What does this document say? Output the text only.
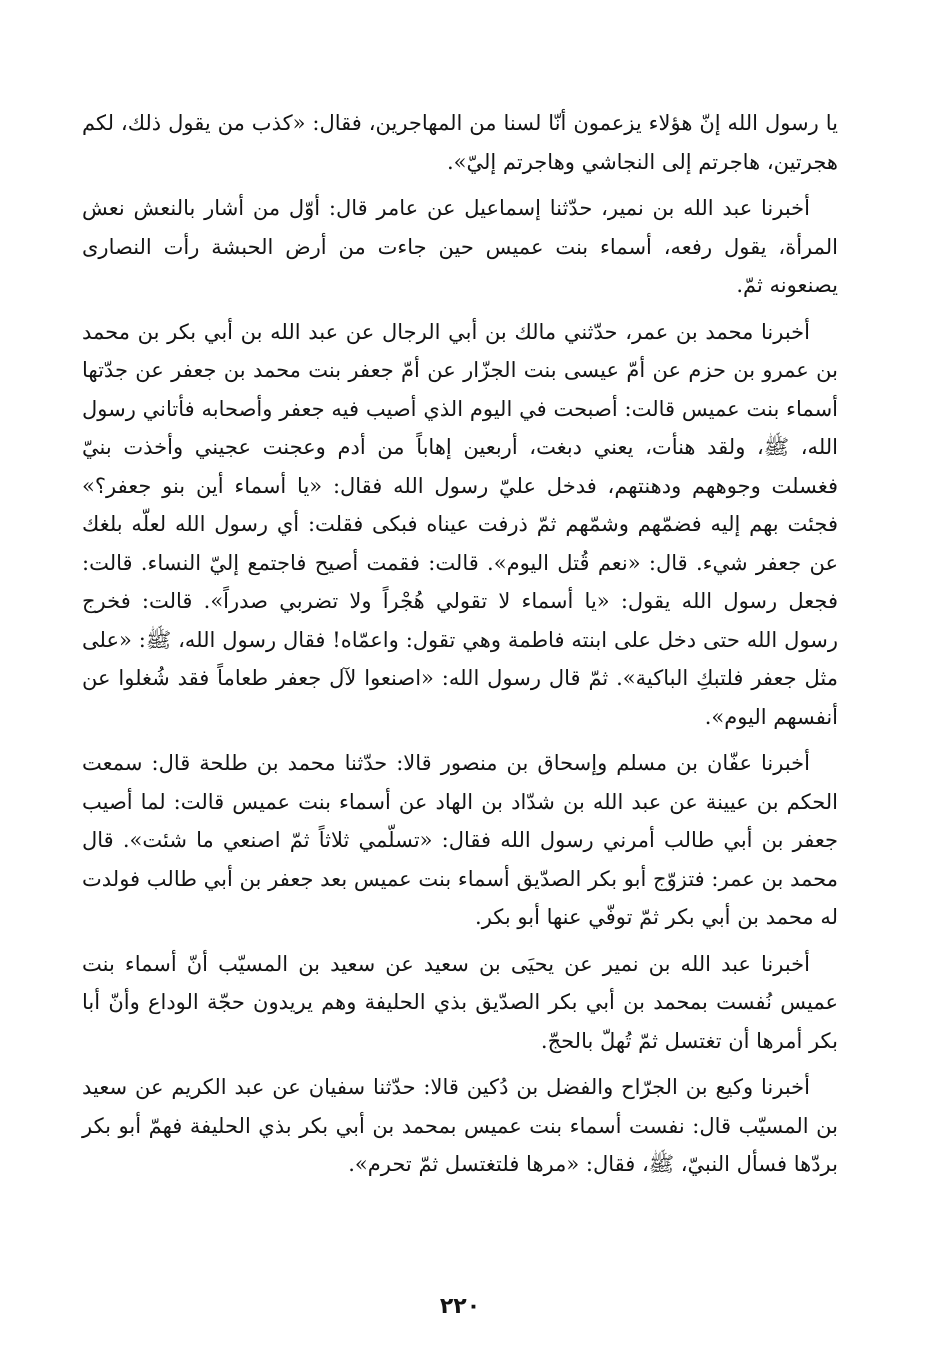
يا رسول الله إنّ هؤلاء يزعمون أنّا لسنا من المهاجرين، فقال: «كذب من يقول ذلك، لكم هجرتين، هاجرتم إلى النجاشي وهاجرتم إليّ».

أخبرنا عبد الله بن نمير، حدّثنا إسماعيل عن عامر قال: أوّل من أشار بالنعش نعش المرأة، يقول رفعه، أسماء بنت عميس حين جاءت من أرض الحبشة رأت النصارى يصنعونه ثمّ.

أخبرنا محمد بن عمر، حدّثني مالك بن أبي الرجال عن عبد الله بن أبي بكر بن محمد بن عمرو بن حزم عن أمّ عيسى بنت الجزّار عن أمّ جعفر بنت محمد بن جعفر عن جدّتها أسماء بنت عميس قالت: أصبحت في اليوم الذي أصيب فيه جعفر وأصحابه فأتاني رسول الله، ﷺ، ولقد هنأت، يعني دبغت، أربعين إهاباً من أدم وعجنت عجيني وأخذت بنيّ فغسلت وجوههم ودهنتهم، فدخل عليّ رسول الله فقال: «يا أسماء أين بنو جعفر؟» فجئت بهم إليه فضمّهم وشمّهم ثمّ ذرفت عيناه فبكى فقلت: أي رسول الله لعلّه بلغك عن جعفر شيء. قال: «نعم قُتل اليوم». قالت: فقمت أصيح فاجتمع إليّ النساء. قالت: فجعل رسول الله يقول: «يا أسماء لا تقولي هُجْراً ولا تضربي صدراً». قالت: فخرج رسول الله حتى دخل على ابنته فاطمة وهي تقول: واعمّاه! فقال رسول الله، ﷺ: «على مثل جعفر فلتبكِ الباكية». ثمّ قال رسول الله: «اصنعوا لآل جعفر طعاماً فقد شُغلوا عن أنفسهم اليوم».

أخبرنا عفّان بن مسلم وإسحاق بن منصور قالا: حدّثنا محمد بن طلحة قال: سمعت الحكم بن عيينة عن عبد الله بن شدّاد بن الهاد عن أسماء بنت عميس قالت: لما أصيب جعفر بن أبي طالب أمرني رسول الله فقال: «تسلّمي ثلاثاً ثمّ اصنعي ما شئت». قال محمد بن عمر: فتزوّج أبو بكر الصدّيق أسماء بنت عميس بعد جعفر بن أبي طالب فولدت له محمد بن أبي بكر ثمّ توفّي عنها أبو بكر.

أخبرنا عبد الله بن نمير عن يحيَى بن سعيد عن سعيد بن المسيّب أنّ أسماء بنت عميس نُفست بمحمد بن أبي بكر الصدّيق بذي الحليفة وهم يريدون حجّة الوداع وأنّ أبا بكر أمرها أن تغتسل ثمّ تُهلّ بالحجّ.

أخبرنا وكيع بن الجرّاح والفضل بن دُكين قالا: حدّثنا سفيان عن عبد الكريم عن سعيد بن المسيّب قال: نفست أسماء بنت عميس بمحمد بن أبي بكر بذي الحليفة فهمّ أبو بكر بردّها فسأل النبيّ، ﷺ، فقال: «مرها فلتغتسل ثمّ تحرم».

٢٢٠
